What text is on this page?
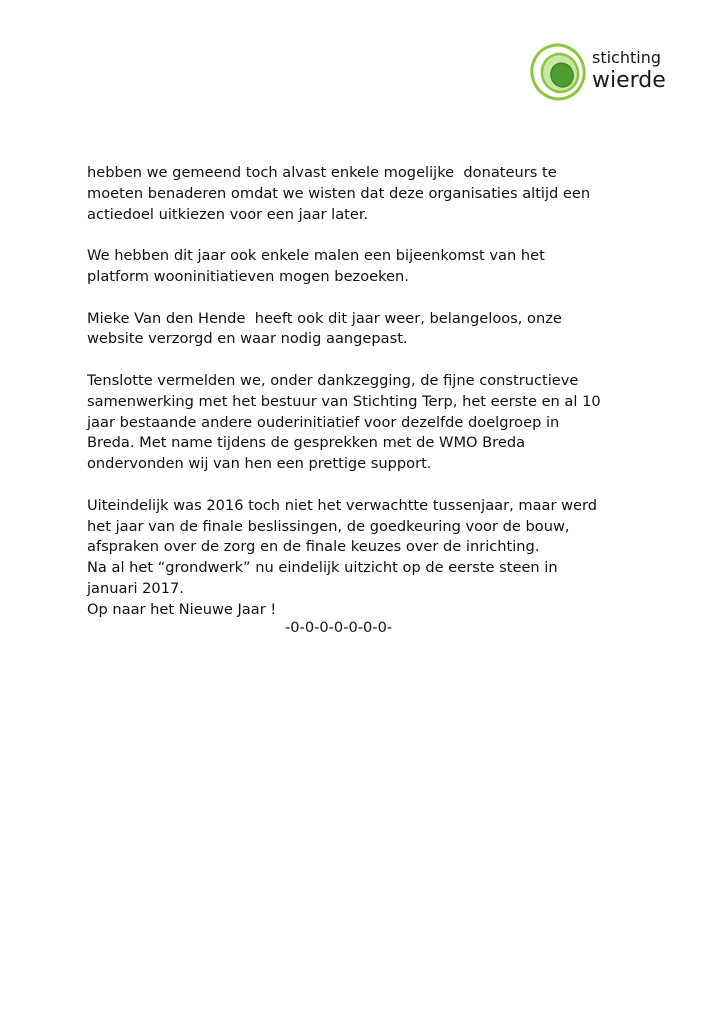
stichting
wierde
hebben we gemeend toch alvast enkele mogelijke  donateurs te
moeten benaderen omdat we wisten dat deze organisaties altijd een
actiedoel uitkiezen voor een jaar later.
We hebben dit jaar ook enkele malen een bijeenkomst van het
platform wooninitiatieven mogen bezoeken.
Mieke Van den Hende  heeft ook dit jaar weer, belangeloos, onze
website verzorgd en waar nodig aangepast.
Tenslotte vermelden we, onder dankzegging, de fijne constructieve
samenwerking met het bestuur van Stichting Terp, het eerste en al 10
jaar bestaande andere ouderinitiatief voor dezelfde doelgroep in
Breda. Met name tijdens de gesprekken met de WMO Breda
ondervonden wij van hen een prettige support.
Uiteindelijk was 2016 toch niet het verwachtte tussenjaar, maar werd
het jaar van de finale beslissingen, de goedkeuring voor de bouw,
afspraken over de zorg en de finale keuzes over de inrichting.
Na al het “grondwerk” nu eindelijk uitzicht op de eerste steen in
januari 2017.
Op naar het Nieuwe Jaar !
-0-0-0-0-0-0-0-
